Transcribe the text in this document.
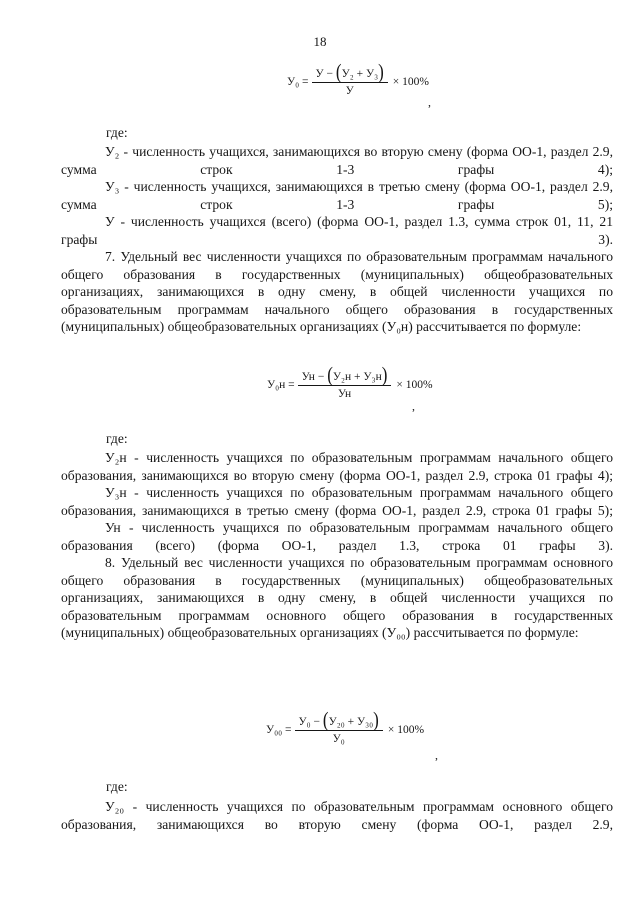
18
$У_0 = \frac{\text{У − (У₂ + У₃)}}{У} \times 100\%$
,
где:

У₂ - численность учащихся, занимающихся во вторую смену (форма ОО-1, раздел 2.9, сумма строк 1-3 графы 4);

У₃ - численность учащихся, занимающихся в третью смену (форма ОО-1, раздел 2.9, сумма строк 1-3 графы 5);

У - численность учащихся (всего) (форма ОО-1, раздел 1.3, сумма строк 01, 11, 21 графы 3).

7. Удельный вес численности учащихся по образовательным программам начального общего образования в государственных (муниципальных) общеобразовательных организациях, занимающихся в одну смену, в общей численности учащихся по образовательным программам начального общего образования в государственных (муниципальных) общеобразовательных организациях (У₀н) рассчитывается по формуле:

$У_0н = \frac{\text{Ун − (У₂н + У₃н)}}{Ун} \times 100\%$
,
где:

У₂н - численность учащихся по образовательным программам начального общего образования, занимающихся во вторую смену (форма ОО-1, раздел 2.9, строка 01 графы 4);

У₃н - численность учащихся по образовательным программам начального общего образования, занимающихся в третью смену (форма ОО-1, раздел 2.9, строка 01 графы 5);

Ун - численность учащихся по образовательным программам начального общего образования (всего) (форма ОО-1, раздел 1.3, строка 01 графы 3).

8. Удельный вес численности учащихся по образовательным программам основного общего образования в государственных (муниципальных) общеобразовательных организациях, занимающихся в одну смену, в общей численности учащихся по образовательным программам основного общего образования в государственных (муниципальных) общеобразовательных организациях (У₀₀) рассчитывается по формуле:

$У_{00} = \frac{\text{У₀ − (У₂₀ + У₃₀)}}{\text{У₀}} \times 100\%$
,
где:

У₂₀ - численность учащихся по образовательным программам основного общего образования, занимающихся во вторую смену (форма ОО-1, раздел 2.9,
